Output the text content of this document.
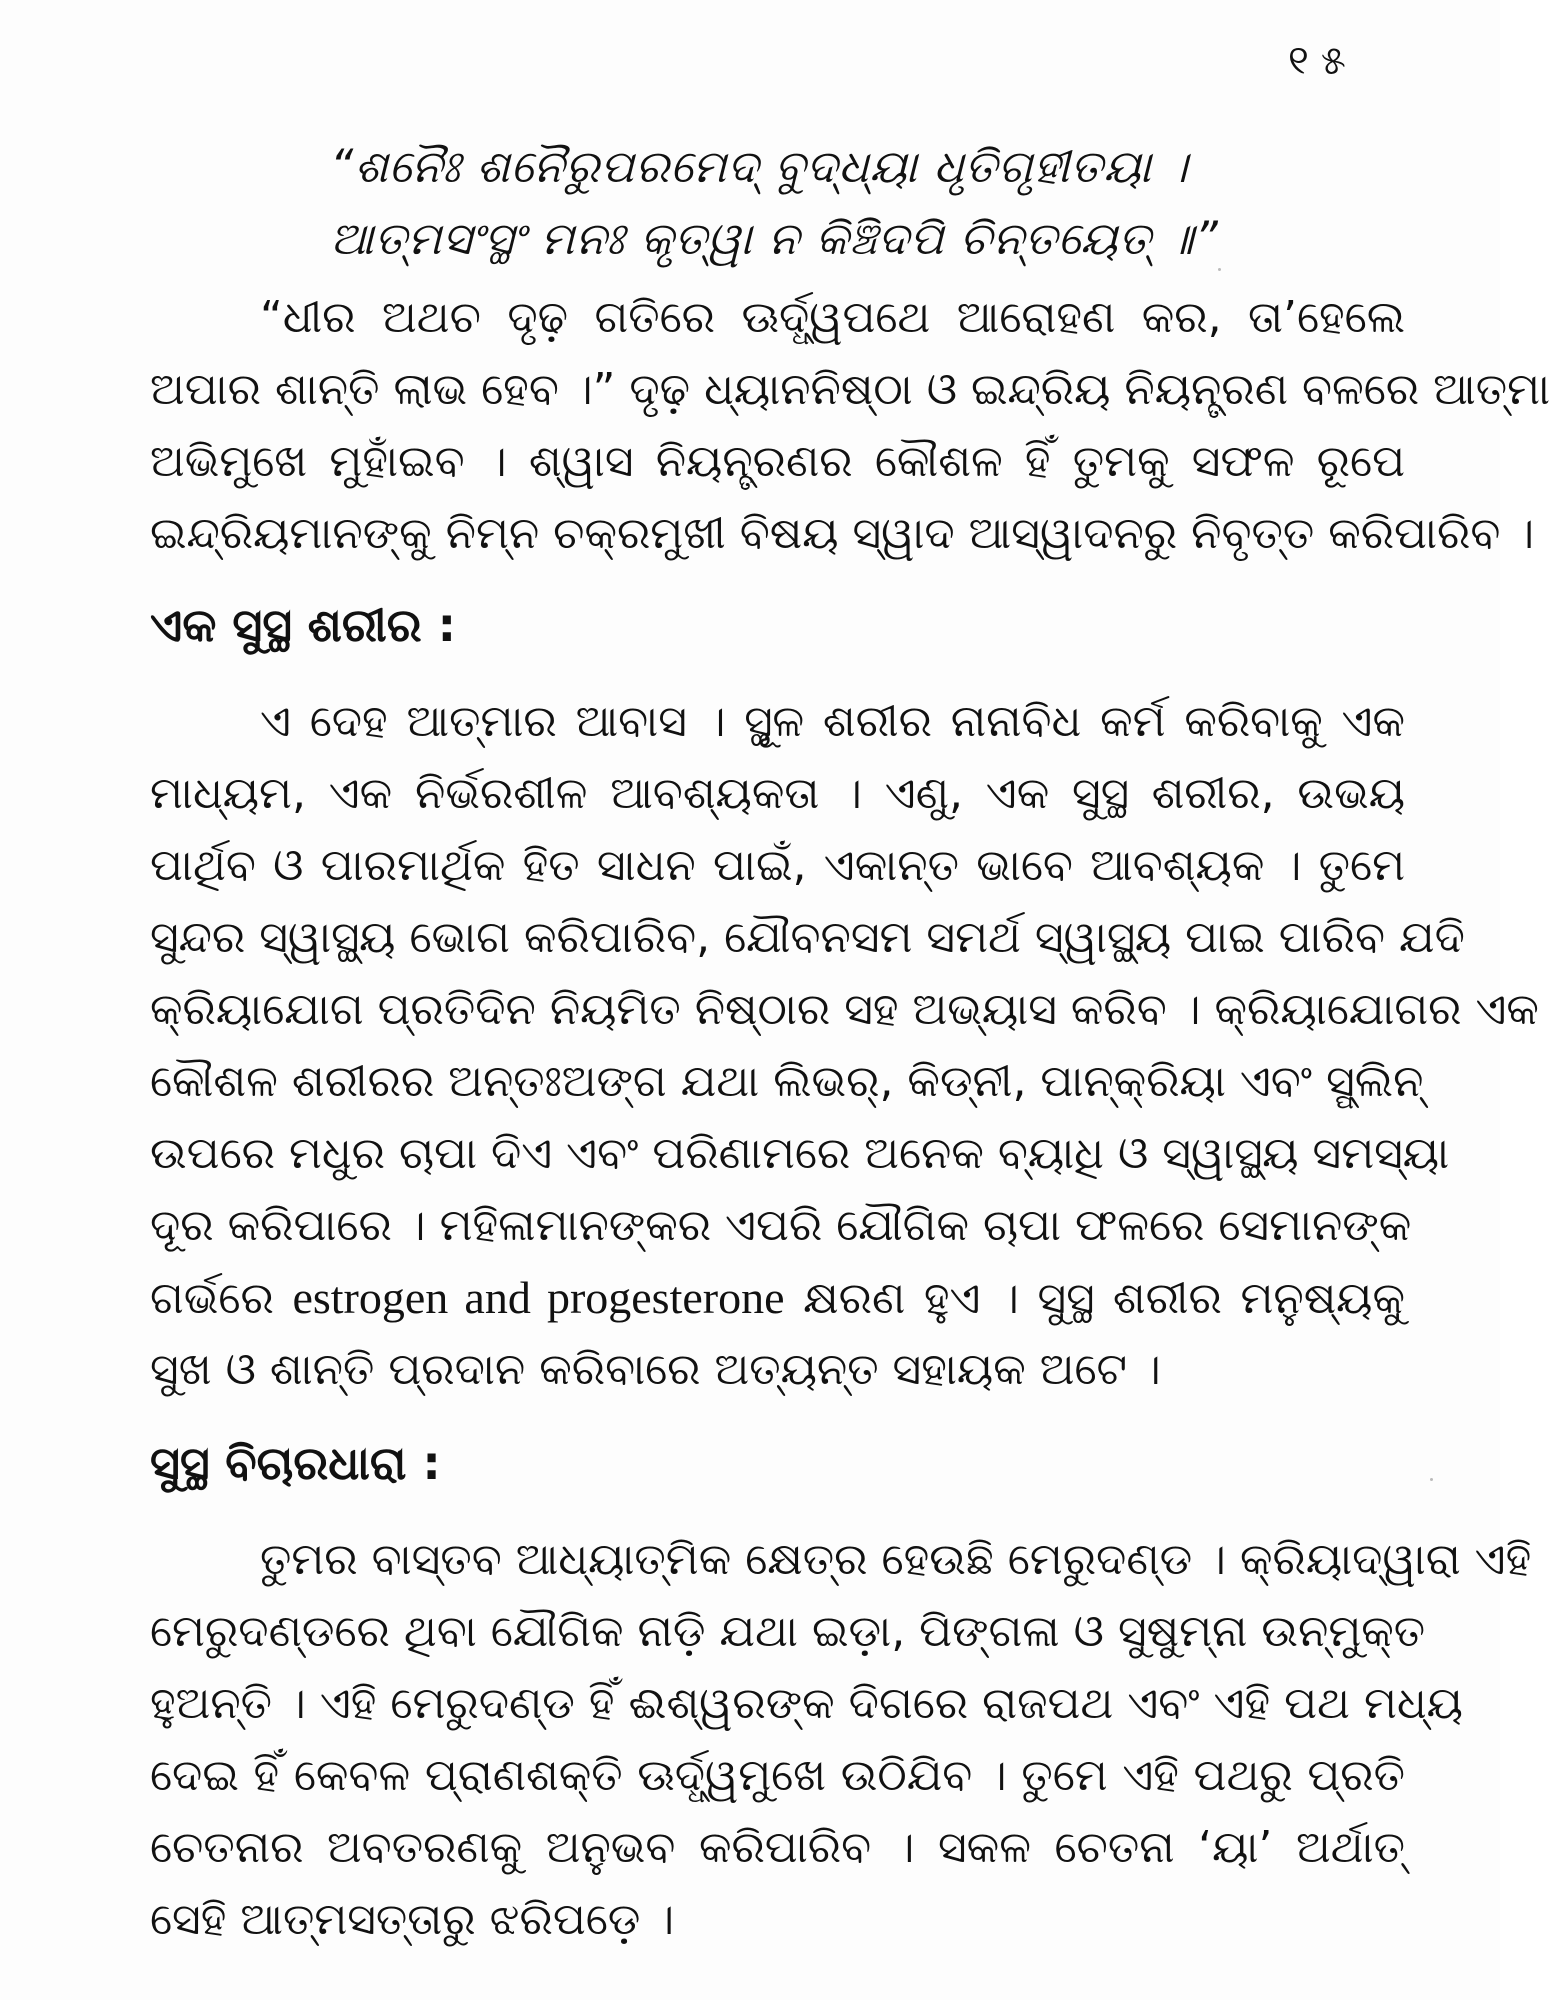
୧୫
“ଶନୈଃ ଶନୈରୁପରମେଦ୍ ବୁଦ୍ଧ୍ୟା ଧୃତିଗୃହୀତୟା ।
ଆତ୍ମସଂସ୍ଥଂ ମନଃ କୃତ୍ୱା ନ କିଞ୍ଚିଦପି ଚିନ୍ତୟେତ୍ ॥”
“ଧୀର ଅଥଚ ଦୃଢ଼ ଗତିରେ ଊର୍ଦ୍ଧ୍ୱପଥେ ଆରୋହଣ କର, ତା’ହେଲେ
ଅପାର ଶାନ୍ତି ଲାଭ ହେବ ।” ଦୃଢ଼ ଧ୍ୟାନନିଷ୍ଠା ଓ ଇନ୍ଦ୍ରିୟ ନିୟନ୍ତ୍ରଣ ବଳରେ ଆତ୍ମା
ଅଭିମୁଖେ ମୁହାଁଇବ । ଶ୍ୱାସ ନିୟନ୍ତ୍ରଣର କୌଶଳ ହିଁ ତୁମକୁ ସଫଳ ରୂପେ
ଇନ୍ଦ୍ରିୟମାନଙ୍କୁ ନିମ୍ନ ଚକ୍ରମୁଖୀ ବିଷୟ ସ୍ୱାଦ ଆସ୍ୱାଦନରୁ ନିବୃତ୍ତ କରିପାରିବ ।
ଏକ ସୁସ୍ଥ ଶରୀର :
ଏ ଦେହ ଆତ୍ମାର ଆବାସ । ସ୍ଥୂଳ ଶରୀର ନାନାବିଧ କର୍ମ କରିବାକୁ ଏକ
ମାଧ୍ୟମ, ଏକ ନିର୍ଭରଶୀଳ ଆବଶ୍ୟକତା । ଏଣୁ, ଏକ ସୁସ୍ଥ ଶରୀର, ଉଭୟ
ପାର୍ଥିବ ଓ ପାରମାର୍ଥିକ ହିତ ସାଧନ ପାଇଁ, ଏକାନ୍ତ ଭାବେ ଆବଶ୍ୟକ । ତୁମେ
ସୁନ୍ଦର ସ୍ୱାସ୍ଥ୍ୟ ଭୋଗ କରିପାରିବ, ଯୌବନସମ ସମର୍ଥ ସ୍ୱାସ୍ଥ୍ୟ ପାଇ ପାରିବ ଯଦି
କ୍ରିୟାଯୋଗ ପ୍ରତିଦିନ ନିୟମିତ ନିଷ୍ଠାର ସହ ଅଭ୍ୟାସ କରିବ । କ୍ରିୟାଯୋଗର ଏକ
କୌଶଳ ଶରୀରର ଅନ୍ତଃଅଙ୍ଗ ଯଥା ଲିଭର୍, କିଡ୍ନୀ, ପାନ୍‌କ୍ରିୟା ଏବଂ ସ୍ପ୍ଲିନ୍
ଉପରେ ମଧୁର ଚାପା ଦିଏ ଏବଂ ପରିଣାମରେ ଅନେକ ବ୍ୟାଧି ଓ ସ୍ୱାସ୍ଥ୍ୟ ସମସ୍ୟା
ଦୂର କରିପାରେ । ମହିଳାମାନଙ୍କର ଏପରି ଯୌଗିକ ଚାପା ଫଳରେ ସେମାନଙ୍କ
ଗର୍ଭରେ estrogen and progesterone କ୍ଷରଣ ହୁଏ । ସୁସ୍ଥ ଶରୀର ମନୁଷ୍ୟକୁ
ସୁଖ ଓ ଶାନ୍ତି ପ୍ରଦାନ କରିବାରେ ଅତ୍ୟନ୍ତ ସହାୟକ ଅଟେ ।
ସୁସ୍ଥ ବିଚାରଧାରା :
ତୁମର ବାସ୍ତବ ଆଧ୍ୟାତ୍ମିକ କ୍ଷେତ୍ର ହେଉଛି ମେରୁଦଣ୍ଡ । କ୍ରିୟାଦ୍ୱାରା ଏହି
ମେରୁଦଣ୍ଡରେ ଥିବା ଯୌଗିକ ନାଡ଼ି ଯଥା ଇଡ଼ା, ପିଙ୍ଗଳା ଓ ସୁଷୁମ୍ନା ଉନ୍ମୁକ୍ତ
ହୁଅନ୍ତି । ଏହି ମେରୁଦଣ୍ଡ ହିଁ ଈଶ୍ୱରଙ୍କ ଦିଗରେ ରାଜପଥ ଏବଂ ଏହି ପଥ ମଧ୍ୟ
ଦେଇ ହିଁ କେବଳ ପ୍ରାଣଶକ୍ତି ଊର୍ଦ୍ଧ୍ୱମୁଖେ ଉଠିଯିବ । ତୁମେ ଏହି ପଥରୁ ପ୍ରତି
ଚେତନାର ଅବତରଣକୁ ଅନୁଭବ କରିପାରିବ । ସକଳ ଚେତନା ‘ୟା’ ଅର୍ଥାତ୍
ସେହି ଆତ୍ମସତ୍ତାରୁ ଝରିପଡ଼େ ।
